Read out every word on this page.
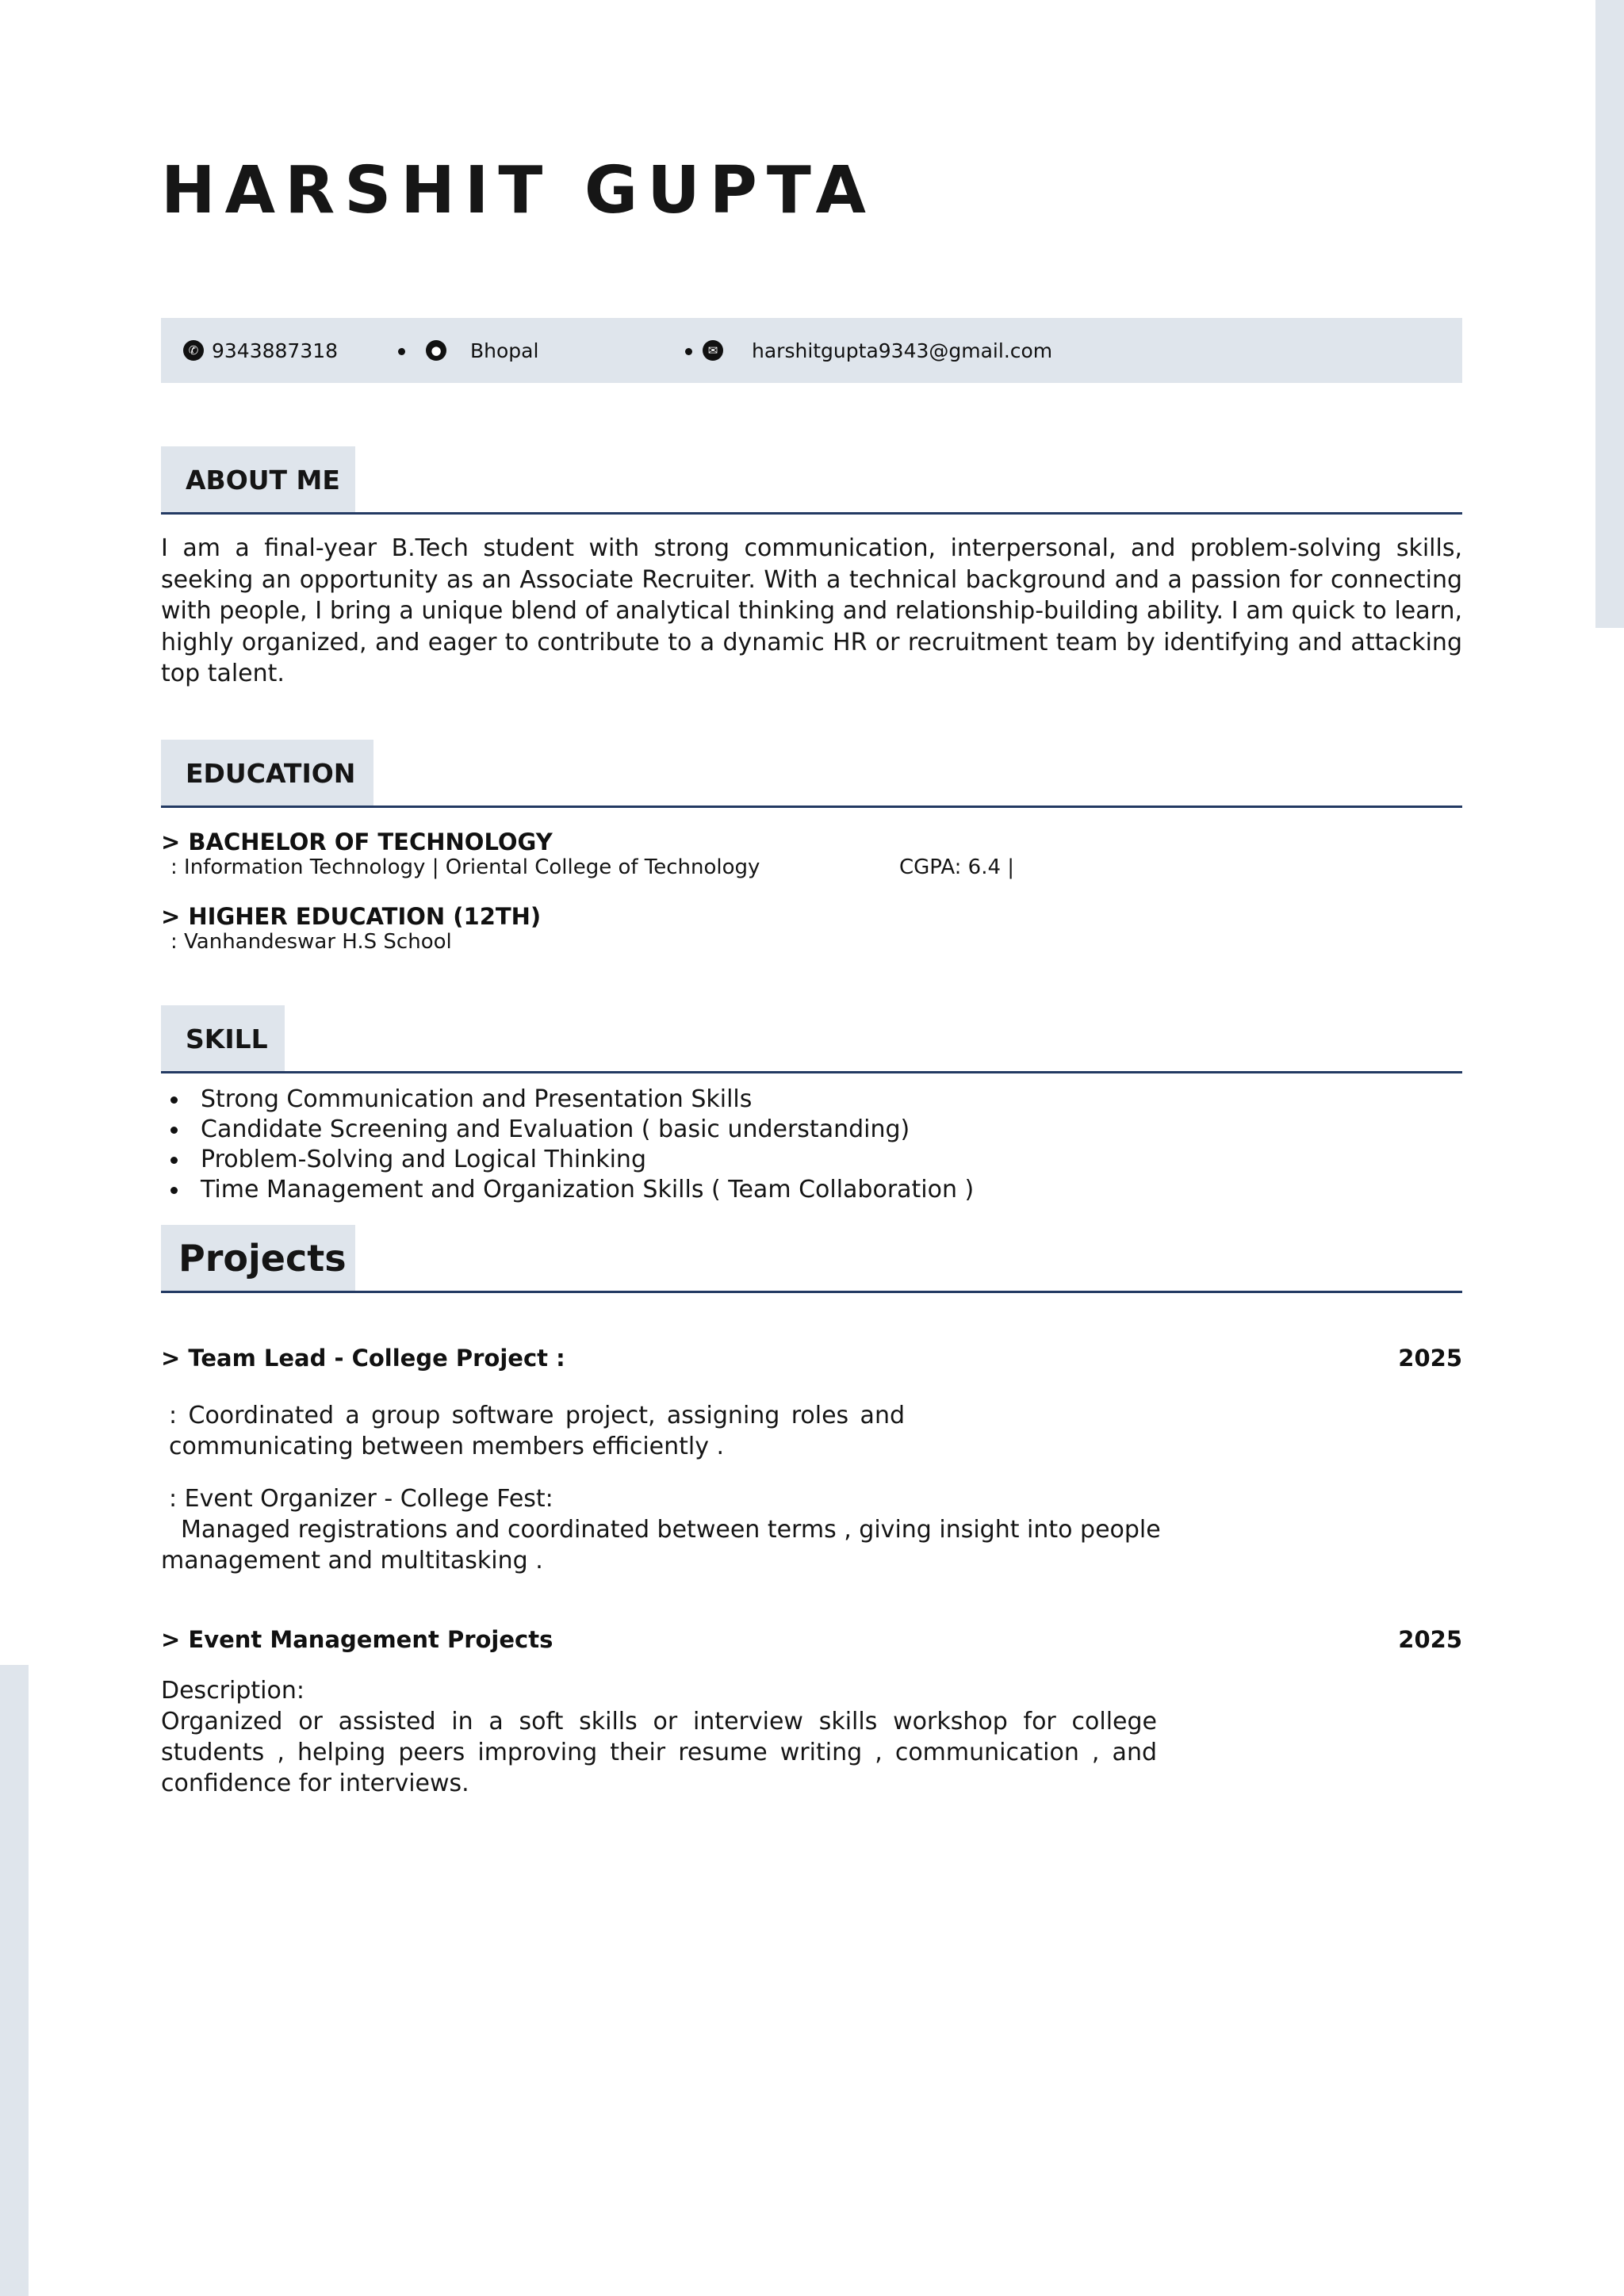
HARSHIT GUPTA
✆ 9343887318	● Bhopal	✉ harshitgupta9343@gmail.com
ABOUT ME

I am a final-year B.Tech student with strong communication, interpersonal, and problem-solving skills, seeking an opportunity as an Associate Recruiter. With a technical background and a passion for connecting with people, I bring a unique blend of analytical thinking and relationship-building ability. I am quick to learn, highly organized, and eager to contribute to a dynamic HR or recruitment team by identifying and attacking top talent.

EDUCATION

> BACHELOR OF TECHNOLOGY

: Information Technology | Oriental College of Technology	CGPA: 6.4 |

> HIGHER EDUCATION (12TH)

: Vanhandeswar H.S School

SKILL
Strong Communication and Presentation Skills
Candidate Screening and Evaluation ( basic understanding)
Problem-Solving and Logical Thinking
Time Management and Organization Skills ( Team Collaboration )
Projects

> Team Lead - College Project :	2025

: Coordinated a group software project, assigning roles and communicating between members efficiently .

: Event Organizer - College Fest:

Managed registrations and coordinated between terms , giving insight into people

management and multitasking .

> Event Management Projects	2025

Description:

Organized or assisted in a soft skills or interview skills workshop for college students , helping peers improving their resume writing , communication , and confidence for interviews.
